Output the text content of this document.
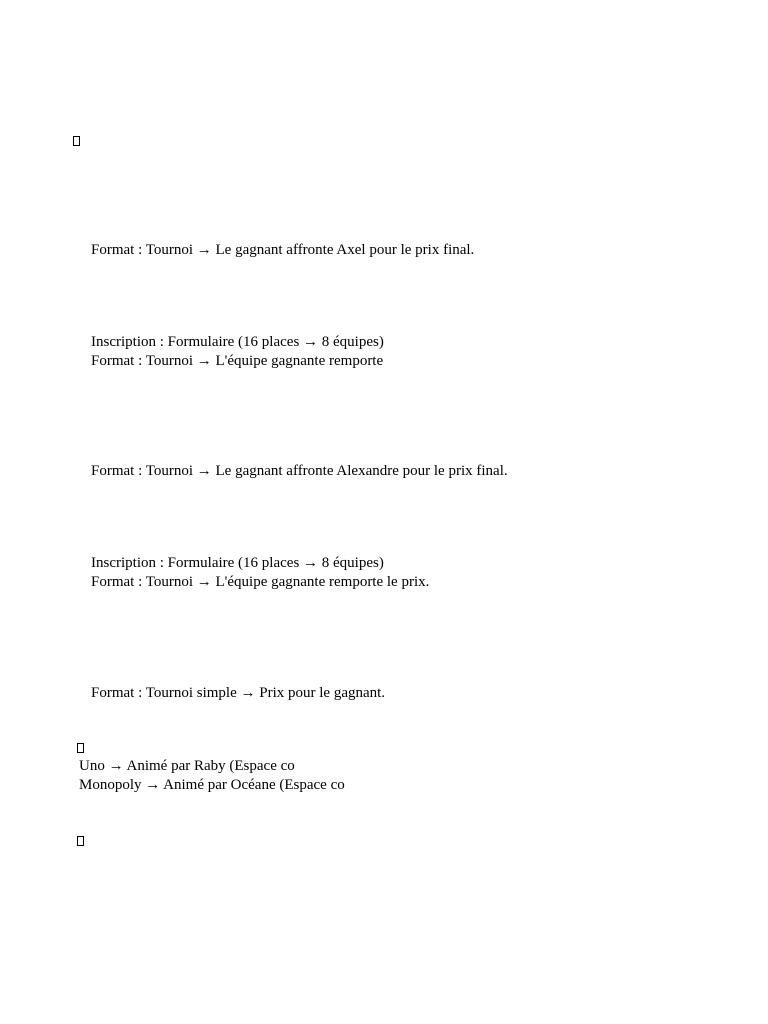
Format : Tournoi → Le gagnant affronte Axel pour le prix final.
Inscription : Formulaire (16 places → 8 équipes)
Format : Tournoi → L'équipe gagnante remporte
Format : Tournoi → Le gagnant affronte Alexandre pour le prix final.
Inscription : Formulaire (16 places → 8 équipes)
Format : Tournoi → L'équipe gagnante remporte le prix.
Format : Tournoi simple → Prix pour le gagnant.
Uno → Animé par Raby (Espace co
Monopoly → Animé par Océane (Espace co
